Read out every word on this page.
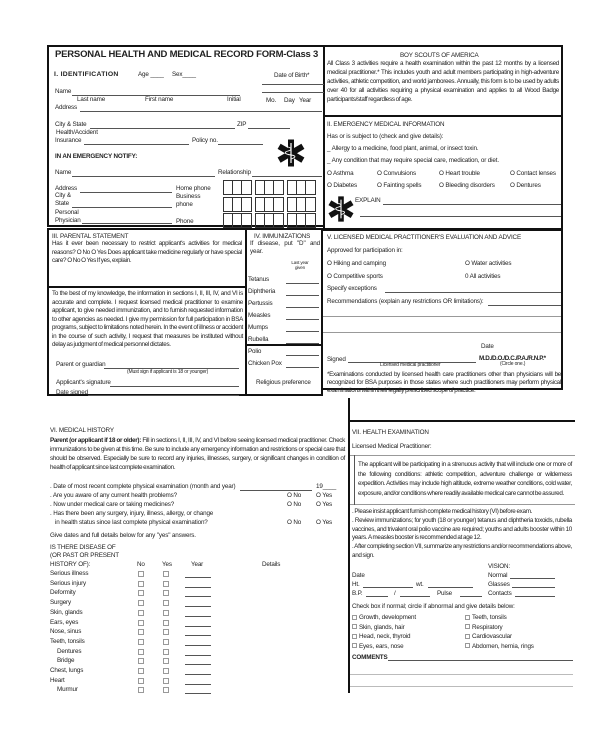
PERSONAL HEALTH AND MEDICAL RECORD FORM-Class 3
I. IDENTIFICATION	Age ____ Sex____	Date of Birth*
Name
Last name	First name	Initial	Mo. Day Year
Address
City & State	ZIP
Health/Accident
Insurance	Policy no.
IN AN EMERGENCY NOTIFY:
Name	Relationship
Address	Home phone
City &	Business
State	phone
Personal
Physician	Phone
BOY SCOUTS OF AMERICA
All Class 3 activities require a health examination within the past 12 months by a licensed medical practitioner.* This includes youth and adult members participating in high-adventure activities, athletic competition, and world jamborees. Annually, this form is to be used by adults over 40 for all activities requiring a physical examination and applies to all Wood Badge participants/staff regardless of age.
II. EMERGENCY MEDICAL INFORMATION
Has or is subject to (check and give details):
_ Allergy to a medicine, food plant, animal, or insect toxin.
_ Any condition that may require special care, medication, or diet.
O Asthma	O Convulsions	O Heart trouble	O Contact lenses
O Diabetes	O Fainting spells	O Bleeding disorders O Dentures
EXPLAIN
III. PARENTAL STATEMENT
Has it ever been necessary to restrict applicant's activities for medical reasons? O No O Yes Does applicant take medicine regularly or have special care? O No O Yes If yes, explain.
To the best of my knowledge, the information in sections I, II, III, IV, and VI is accurate and complete. I request licensed medical practitioner to examine applicant, to give needed immunization, and to furnish requested information to other agencies as needed. I give my permission for full participation in BSA programs, subject to limitations noted herein. In the event of illness or accident in the course of such activity, I request that measures be instituted without delay as judgment of medical personnel dictates.
Parent or guardian
(Must sign if applicant is 18 or younger)
Applicant's signature
Date signed
IV. IMMUNIZATIONS
If disease, put "D" and year.
Last year given
Tetanus
Diphtheria
Pertussis
Measles
Mumps
Rubella
Polio
Chicken Pox
Religious preference
V. LICENSED MEDICAL PRACTITIONER'S EVALUATION AND ADVICE
Approved for participation in:
O Hiking and camping	O Water activities
O Competitive sports	0 All activities
Specify exceptions
Recommendations (explain any restrictions OR limitations):
Date
Signed
Licensed medical practitioner
M.D./D.O./D.C./P.A./R.N.P.*
(Circle one.)
*Examinations conducted by licensed health care practitioners other than physicians will be recognized for BSA purposes in those states where such practitioners may perform physical examinations within their legally prescribed scope of practice.
VI. MEDICAL HISTORY
Parent (or applicant if 18 or older): Fill in sections I, II, III, IV, and VI before seeing licensed medical practitioner. Check immunizations to be given at this time. Be sure to include any emergency information and restrictions or special care that should be observed. Especially be sure to record any injuries, illnesses, surgery, or significant changes in condition of health of applicant since last complete examination.
. Date of most recent complete physical examination (month and year)	19____
. Are you aware of any current health problems?	O No O Yes
. Now under medical care or taking medicines?	O No O Yes
. Has there been any surgery, injury, illness, allergy, or change
in health status since last complete physical examination?	O No O Yes
Give dates and full details below for any "yes" answers.
IS THERE DISEASE OF
(OR PAST OR PRESENT
HISTORY OF):	No	Yes	Year	Details
Serious illness
Serious injury
Deformity
Surgery
Skin, glands
Ears, eyes
Nose, sinus
Teeth, tonsils
Dentures
Bridge
Chest, lungs
Heart
Murmur
VII. HEALTH EXAMINATION
Licensed Medical Practitioner:
The applicant will be participating in a strenuous activity that will include one or more of the following conditions: athletic competition, adventure challenge or wilderness expedition. Activities may include high altitude, extreme weather conditions, cold water, exposure, and/or conditions where readily available medical care cannot be assured.
. Please insist applicant furnish complete medical history (VI) before exam.
. Review immunizations; for youth (18 or younger) tetanus and diphtheria toxoids, rubella vaccines, and trivalent oral polio vaccine are required; youths and adults booster within 10 years. A measles booster is recommended at age 12.
. After completing section VII, summarize any restrictions and/or recommendations above, and sign.
VISION:
Date	Normal
Ht.	wt.	Glasses
B.P.	/	Pulse	Contacts
Check box if normal; circle if abnormal and give details below:
Growth, development
Skin, glands, hair
Head, neck, thyroid
Eyes, ears, nose
Teeth, tonsils
Respiratory
Cardiovascular
Abdomen, hernia, rings
COMMENTS
